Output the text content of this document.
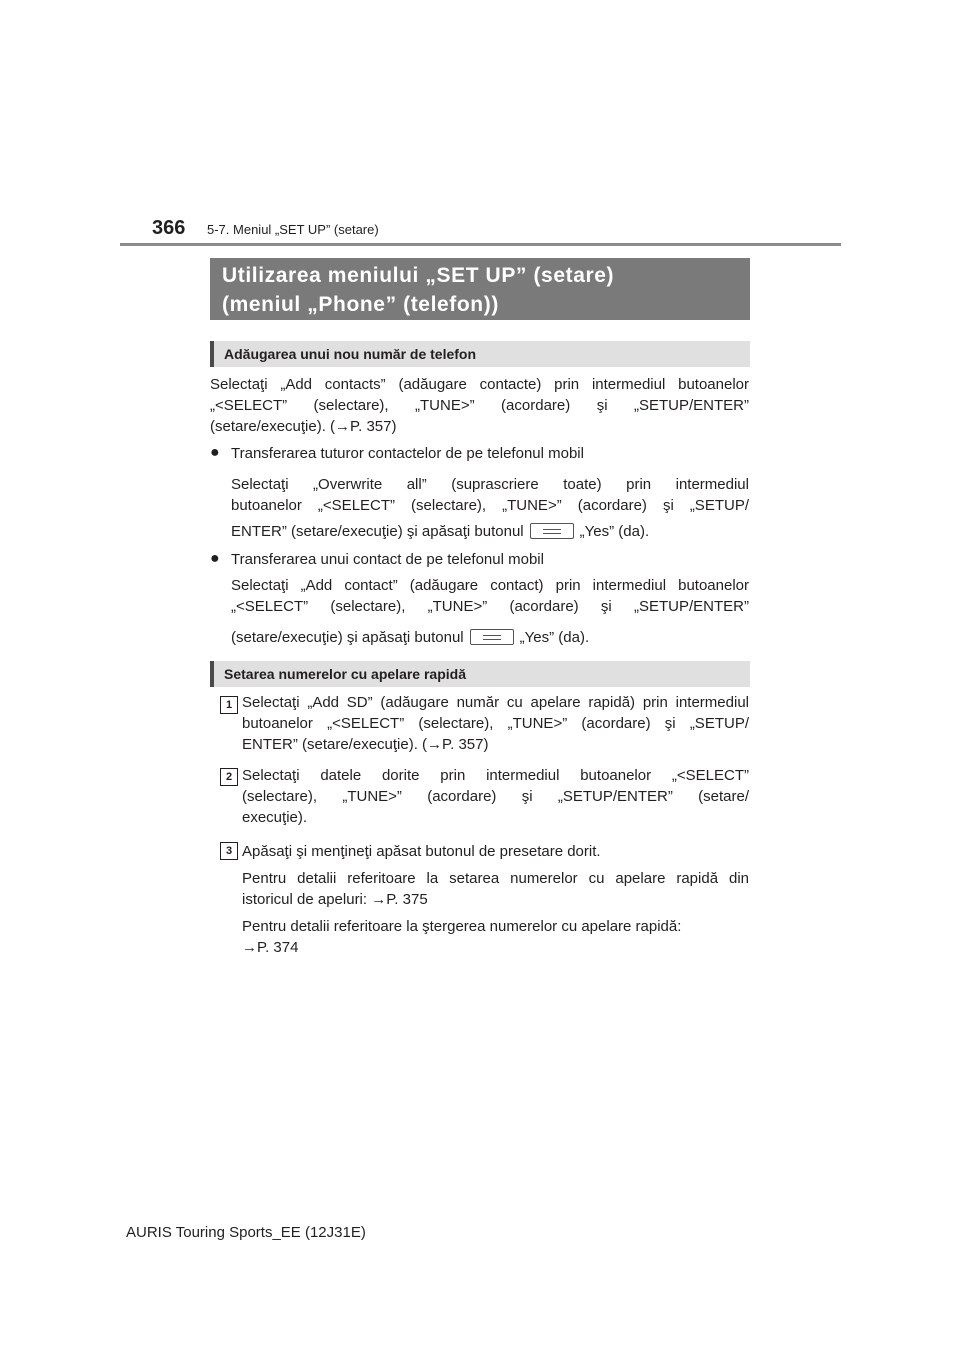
366 5-7. Meniul „SET UP” (setare)
Utilizarea meniului „SET UP” (setare)
(meniul „Phone” (telefon))
Adăugarea unui nou număr de telefon
Selectaţi „Add contacts” (adăugare contacte) prin intermediul butoanelor
„<SELECT” (selectare), „TUNE>” (acordare) şi „SETUP/ENTER”
(setare/execuţie). (→P. 357)
● Transferarea tuturor contactelor de pe telefonul mobil
Selectaţi „Overwrite all” (suprascriere toate) prin intermediul
butoanelor „<SELECT” (selectare), „TUNE>” (acordare) şi „SETUP/
ENTER” (setare/execuţie) şi apăsaţi butonul	„Yes” (da).
● Transferarea unui contact de pe telefonul mobil
Selectaţi „Add contact” (adăugare contact) prin intermediul butoanelor
„<SELECT” (selectare), „TUNE>” (acordare) şi „SETUP/ENTER”
(setare/execuţie) şi apăsaţi butonul	„Yes” (da).
Setarea numerelor cu apelare rapidă
1 Selectaţi „Add SD” (adăugare număr cu apelare rapidă) prin intermediul
butoanelor „<SELECT” (selectare), „TUNE>” (acordare) şi „SETUP/
ENTER” (setare/execuţie). (→P. 357)
2 Selectaţi datele dorite prin intermediul butoanelor „<SELECT”
(selectare), „TUNE>” (acordare) şi „SETUP/ENTER” (setare/
execuţie).
3 Apăsaţi şi menţineţi apăsat butonul de presetare dorit.
Pentru detalii referitoare la setarea numerelor cu apelare rapidă din
istoricul de apeluri: →P. 375
Pentru detalii referitoare la ştergerea numerelor cu apelare rapidă:
→P. 374
AURIS Touring Sports_EE (12J31E)
